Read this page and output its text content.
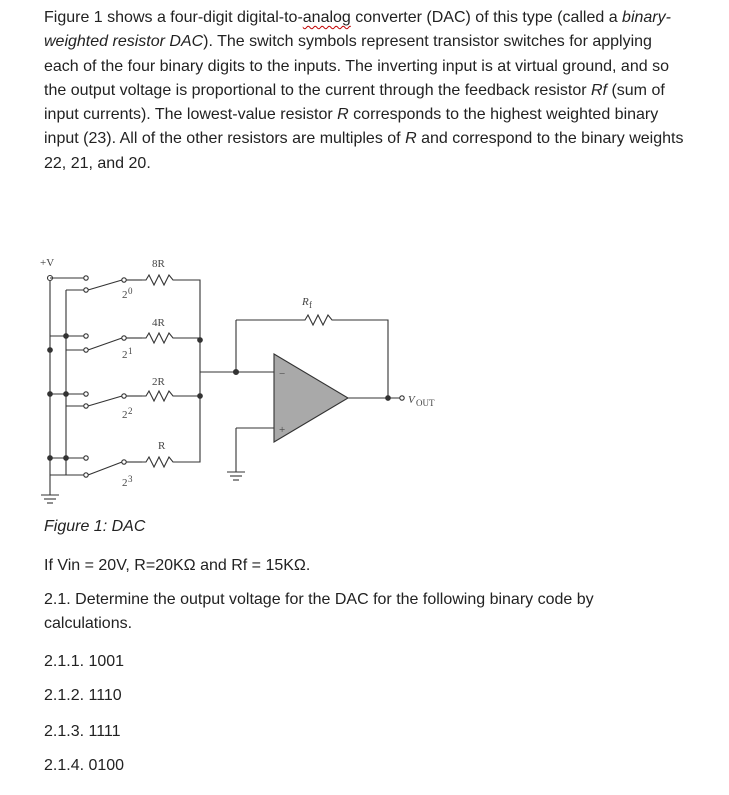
Figure 1 shows a four-digit digital-to-analog converter (DAC) of this type (called a binary-weighted resistor DAC). The switch symbols represent transistor switches for applying each of the four binary digits to the inputs. The inverting input is at virtual ground, and so the output voltage is proportional to the current through the feedback resistor Rf (sum of input currents). The lowest-value resistor R corresponds to the highest weighted binary input (23). All of the other resistors are multiples of R and correspond to the binary weights 22, 21, and 20.

+V
2 0
2 1
2 2
2 3
8R
4R
2R
R
R f
−
+
V OUT

Figure 1: DAC

If Vin = 20V, R=20KΩ and Rf = 15KΩ.

2.1. Determine the output voltage for the DAC for the following binary code by calculations.

2.1.1. 1001

2.1.2. 1110

2.1.3. 1111

2.1.4. 0100
